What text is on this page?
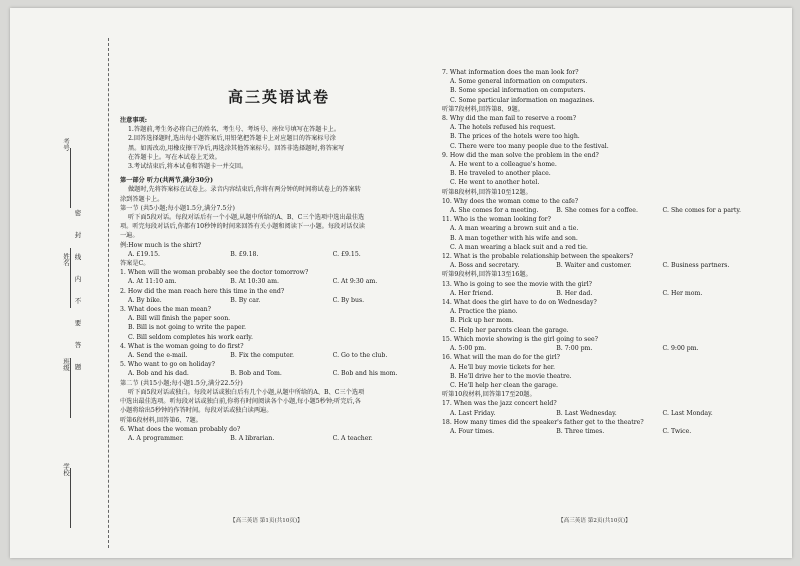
考号
姓名
班级
学校
密
封
线
内
不
要
答
题
高三英语试卷
注意事项:
1.答题前,考生务必将自己的姓名、考生号、考场号、座位号填写在答题卡上。
2.回答选择题时,选出每小题答案后,用铅笔把答题卡上对应题目的答案标号涂
黑。如需改动,用橡皮擦干净后,再选涂其他答案标号。回答非选择题时,将答案写
在答题卡上。写在本试卷上无效。
3.考试结束后,将本试卷和答题卡一并交回。
第一部分 听力(共两节,满分30分)
做题时,先将答案标在试卷上。录音内容结束后,你将有两分钟的时间将试卷上的答案转
涂到答题卡上。
第一节 (共5小题;每小题1.5分,满分7.5分)
听下面5段对话。每段对话后有一个小题,从题中所给的A、B、C三个选项中选出最佳选
项。听完每段对话后,你都有10秒钟的时间来回答有关小题和阅读下一小题。每段对话仅读
一遍。
例:How much is the shirt?
A. £19.15.	B. £9.18.	C. £9.15.
答案是C。
1. When will the woman probably see the doctor tomorrow?
A. At 11:10 am.	B. At 10:30 am.	C. At 9:30 am.
2. How did the man reach here this time in the end?
A. By bike.	B. By car.	C. By bus.
3. What does the man mean?
A. Bill will finish the paper soon.
B. Bill is not going to write the paper.
C. Bill seldom completes his work early.
4. What is the woman going to do first?
A. Send the e-mail.	B. Fix the computer.	C. Go to the club.
5. Who want to go on holiday?
A. Bob and his dad.	B. Bob and Tom.	C. Bob and his mom.
第二节 (共15小题;每小题1.5分,满分22.5分)
听下面5段对话或独白。每段对话或独白后有几个小题,从题中所给的A、B、C三个选项
中选出最佳选项。听每段对话或独白前,你将有时间阅读各个小题,每小题5秒钟;听完后,各
小题将给出5秒钟的作答时间。每段对话或独白读两遍。
听第6段材料,回答第6、7题。
6. What does the woman probably do?
A. A programmer.	B. A librarian.	C. A teacher.
7. What information does the man look for?
A. Some general information on computers.
B. Some special information on computers.
C. Some particular information on magazines.
听第7段材料,回答第8、9题。
8. Why did the man fail to reserve a room?
A. The hotels refused his request.
B. The prices of the hotels were too high.
C. There were too many people due to the festival.
9. How did the man solve the problem in the end?
A. He went to a colleague's home.
B. He traveled to another place.
C. He went to another hotel.
听第8段材料,回答第10至12题。
10. Why does the woman come to the cafe?
A. She comes for a meeting.	B. She comes for a coffee.	C. She comes for a party.
11. Who is the woman looking for?
A. A man wearing a brown suit and a tie.
B. A man together with his wife and son.
C. A man wearing a black suit and a red tie.
12. What is the probable relationship between the speakers?
A. Boss and secretary.	B. Waiter and customer.	C. Business partners.
听第9段材料,回答第13至16题。
13. Who is going to see the movie with the girl?
A. Her friend.	B. Her dad.	C. Her mom.
14. What does the girl have to do on Wednesday?
A. Practice the piano.
B. Pick up her mom.
C. Help her parents clean the garage.
15. Which movie showing is the girl going to see?
A. 5:00 pm.	B. 7:00 pm.	C. 9:00 pm.
16. What will the man do for the girl?
A. He'll buy movie tickets for her.
B. He'll drive her to the movie theatre.
C. He'll help her clean the garage.
听第10段材料,回答第17至20题。
17. When was the jazz concert held?
A. Last Friday.	B. Last Wednesday.	C. Last Monday.
18. How many times did the speaker's father get to the theatre?
A. Four times.	B. Three times.	C. Twice.
【高三英语 第1页(共10页)】	【高三英语 第2页(共10页)】
